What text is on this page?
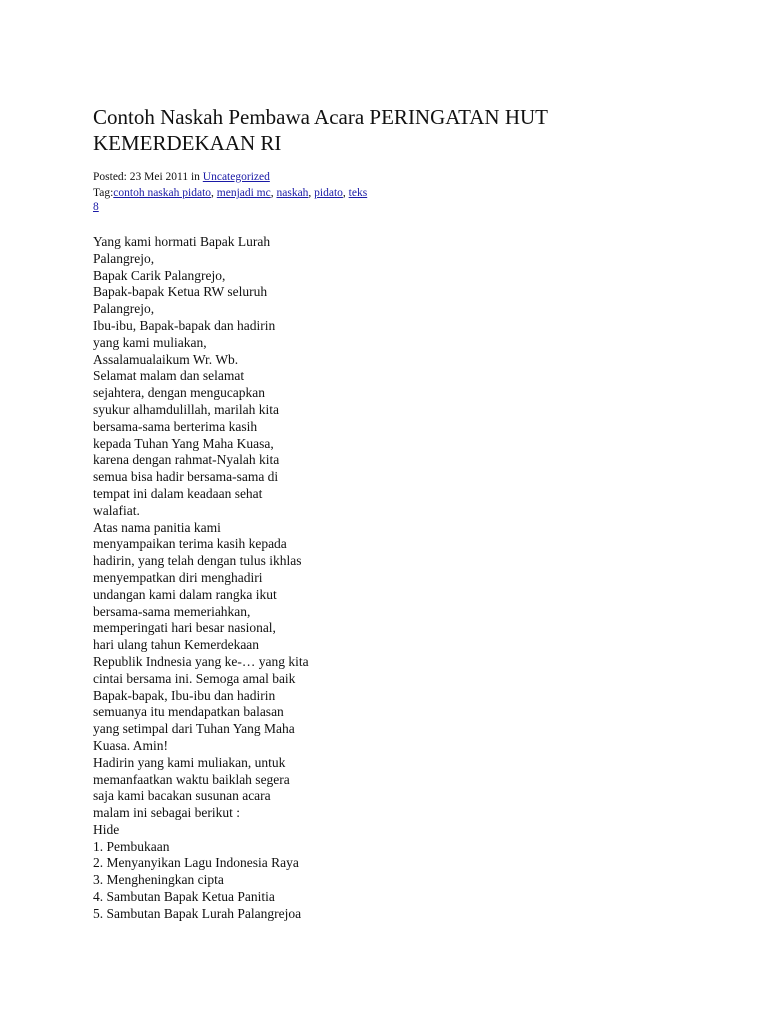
Contoh Naskah Pembawa Acara PERINGATAN HUT KEMERDEKAAN RI
Posted: 23 Mei 2011 in Uncategorized
Tag:contoh naskah pidato, menjadi mc, naskah, pidato, teks
8
Yang kami hormati Bapak Lurah
Palangrejo,
Bapak Carik Palangrejo,
Bapak-bapak Ketua RW seluruh
Palangrejo,
Ibu-ibu, Bapak-bapak dan hadirin
yang kami muliakan,
Assalamualaikum Wr. Wb.
Selamat malam dan selamat
sejahtera, dengan mengucapkan
syukur alhamdulillah, marilah kita
bersama-sama berterima kasih
kepada Tuhan Yang Maha Kuasa,
karena dengan rahmat-Nyalah kita
semua bisa hadir bersama-sama di
tempat ini dalam keadaan sehat
walafiat.
Atas nama panitia kami
menyampaikan terima kasih kepada
hadirin, yang telah dengan tulus ikhlas
menyempatkan diri menghadiri
undangan kami dalam rangka ikut
bersama-sama memeriahkan,
memperingati hari besar nasional,
hari ulang tahun Kemerdekaan
Republik Indnesia yang ke-… yang kita
cintai bersama ini. Semoga amal baik
Bapak-bapak, Ibu-ibu dan hadirin
semuanya itu mendapatkan balasan
yang setimpal dari Tuhan Yang Maha
Kuasa. Amin!
Hadirin yang kami muliakan, untuk
memanfaatkan waktu baiklah segera
saja kami bacakan susunan acara
malam ini sebagai berikut :
Hide
1. Pembukaan
2. Menyanyikan Lagu Indonesia Raya
3. Mengheningkan cipta
4. Sambutan Bapak Ketua Panitia
5. Sambutan Bapak Lurah Palangrejoa
